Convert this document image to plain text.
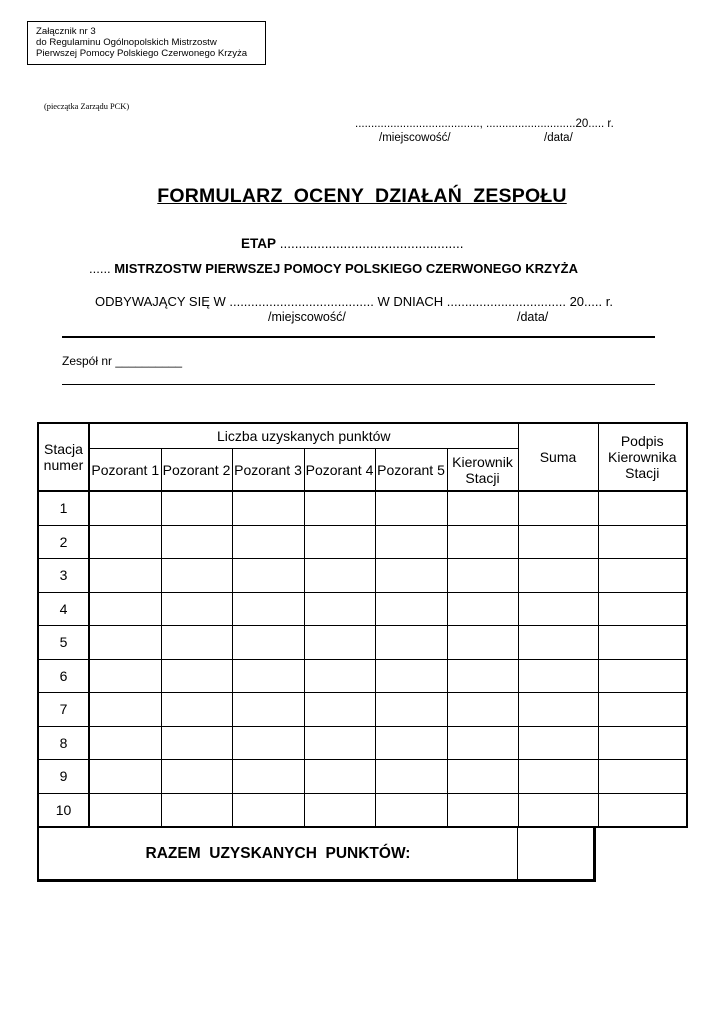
Załącznik nr 3
do Regulaminu Ogólnopolskich Mistrzostw
Pierwszej Pomocy Polskiego Czerwonego Krzyża
(pieczątka Zarządu PCK)
......................................., ............................20..... r.
/miejscowość/	/data/
FORMULARZ  OCENY  DZIAŁAŃ  ZESPOŁU
ETAP .................................................
...... MISTRZOSTW PIERWSZEJ POMOCY POLSKIEGO CZERWONEGO KRZYŻA
ODBYWAJĄCY SIĘ W ........................................ W DNIACH ................................. 20..... r.
/miejscowość/	/data/
Zespół nr __________
Stacja numer	Liczba uzyskanych punktów						Suma	Podpis Kierownika Stacji
	Pozorant 1	Pozorant 2	Pozorant 3	Pozorant 4	Pozorant 5	Kierownik Stacji		
1								
2								
3								
4								
5								
6								
7								
8								
9								
10								
RAZEM  UZYSKANYCH  PUNKTÓW:
